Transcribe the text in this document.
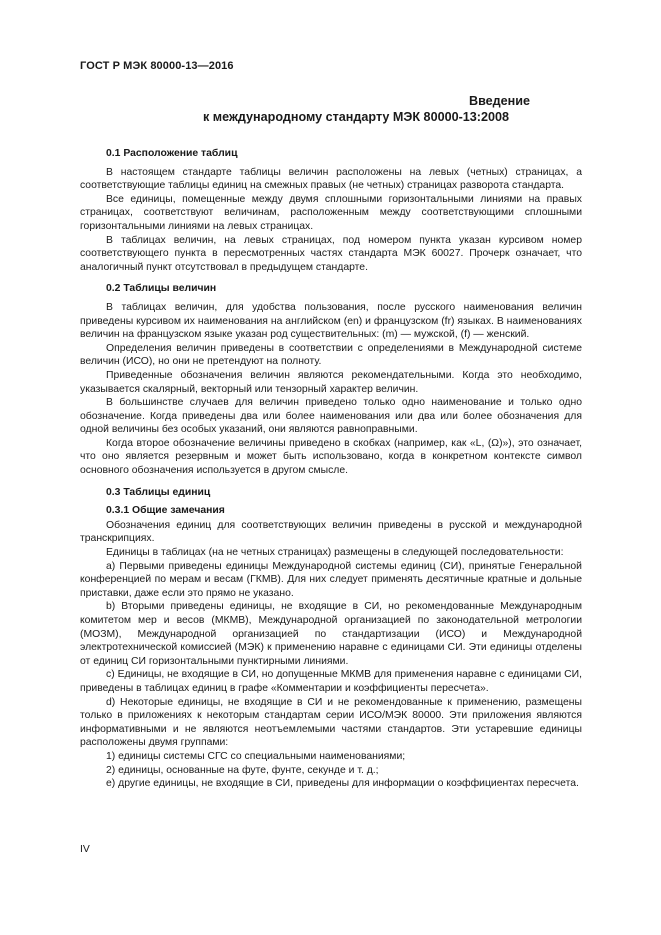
ГОСТ Р МЭК 80000-13—2016
Введение
к международному стандарту МЭК 80000-13:2008
0.1 Расположение таблиц

В настоящем стандарте таблицы величин расположены на левых (четных) страницах, а соответствующие таблицы единиц на смежных правых (не четных) страницах разворота стандарта.

Все единицы, помещенные между двумя сплошными горизонтальными линиями на правых страницах, соответствуют величинам, расположенным между соответствующими сплошными горизонтальными линиями на левых страницах.

В таблицах величин, на левых страницах, под номером пункта указан курсивом номер соответствующего пункта в пересмотренных частях стандарта МЭК 60027. Прочерк означает, что аналогичный пункт отсутствовал в предыдущем стандарте.

0.2 Таблицы величин

В таблицах величин, для удобства пользования, после русского наименования величин приведены курсивом их наименования на английском (en) и французском (fr) языках. В наименованиях величин на французском языке указан род существительных: (m) — мужской, (f) — женский.

Определения величин приведены в соответствии с определениями в Международной системе величин (ИСО), но они не претендуют на полноту.

Приведенные обозначения величин являются рекомендательными. Когда это необходимо, указывается скалярный, векторный или тензорный характер величин.

В большинстве случаев для величин приведено только одно наименование и только одно обозначение. Когда приведены два или более наименования или два или более обозначения для одной величины без особых указаний, они являются равноправными.

Когда второе обозначение величины приведено в скобках (например, как «L, (Ω)»), это означает, что оно является резервным и может быть использовано, когда в конкретном контексте символ основного обозначения используется в другом смысле.

0.3 Таблицы единиц
0.3.1 Общие замечания

Обозначения единиц для соответствующих величин приведены в русской и международной транскрипциях.

Единицы в таблицах (на не четных страницах) размещены в следующей последовательности:

a) Первыми приведены единицы Международной системы единиц (СИ), принятые Генеральной конференцией по мерам и весам (ГКМВ). Для них следует применять десятичные кратные и дольные приставки, даже если это прямо не указано.

b) Вторыми приведены единицы, не входящие в СИ, но рекомендованные Международным комитетом мер и весов (МКМВ), Международной организацией по законодательной метрологии (МОЗМ), Международной организацией по стандартизации (ИСО) и Международной электротехнической комиссией (МЭК) к применению наравне с единицами СИ. Эти единицы отделены от единиц СИ горизонтальными пунктирными линиями.

c) Единицы, не входящие в СИ, но допущенные МКМВ для применения наравне с единицами СИ, приведены в таблицах единиц в графе «Комментарии и коэффициенты пересчета».

d) Некоторые единицы, не входящие в СИ и не рекомендованные к применению, размещены только в приложениях к некоторым стандартам серии ИСО/МЭК 80000. Эти приложения являются информативными и не являются неотъемлемыми частями стандартов. Эти устаревшие единицы расположены двумя группами:

1) единицы системы СГС со специальными наименованиями;

2) единицы, основанные на футе, фунте, секунде и т. д.;

e) другие единицы, не входящие в СИ, приведены для информации о коэффициентах пересчета.

IV
